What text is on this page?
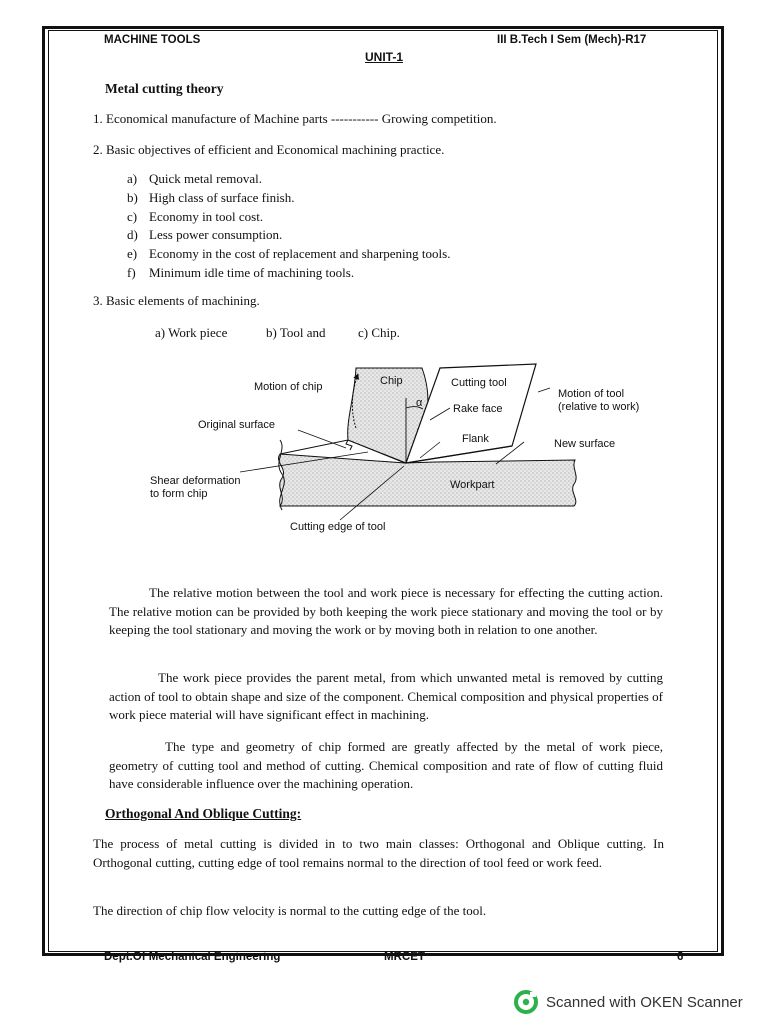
MACHINE TOOLS	III B.Tech I Sem (Mech)-R17
UNIT-1
Metal cutting theory
1. Economical manufacture of Machine parts ----------- Growing competition.
2. Basic objectives of efficient and Economical machining practice.
a) Quick metal removal.
b) High class of surface finish.
c) Economy in tool cost.
d) Less power consumption.
e) Economy in the cost of replacement and sharpening tools.
f) Minimum idle time of machining tools.
3. Basic elements of machining.
a) Work piece	b) Tool and c) Chip.
Motion of chip	Chip	Cutting tool
Motion of tool
(relative to work)
α	Rake face
Original surface
Flank	New surface
Shear deformation
to form chip
Workpart
Cutting edge of tool
The relative motion between the tool and work piece is necessary for effecting the cutting action. The relative motion can be provided by both keeping the work piece stationary and moving the tool or by keeping the tool stationary and moving the work or by moving both in relation to one another.
The work piece provides the parent metal, from which unwanted metal is removed by cutting action of tool to obtain shape and size of the component. Chemical composition and physical properties of work piece material will have significant effect in machining.
The type and geometry of chip formed are greatly affected by the metal of work piece, geometry of cutting tool and method of cutting. Chemical composition and rate of flow of cutting fluid have considerable influence over the machining operation.
Orthogonal And Oblique Cutting:
The process of metal cutting is divided in to two main classes: Orthogonal and Oblique cutting. In Orthogonal cutting, cutting edge of tool remains normal to the direction of tool feed or work feed.
The direction of chip flow velocity is normal to the cutting edge of the tool.
Dept.Of Mechanical Engineering	MRCET	6
Scanned with OKEN Scanner
